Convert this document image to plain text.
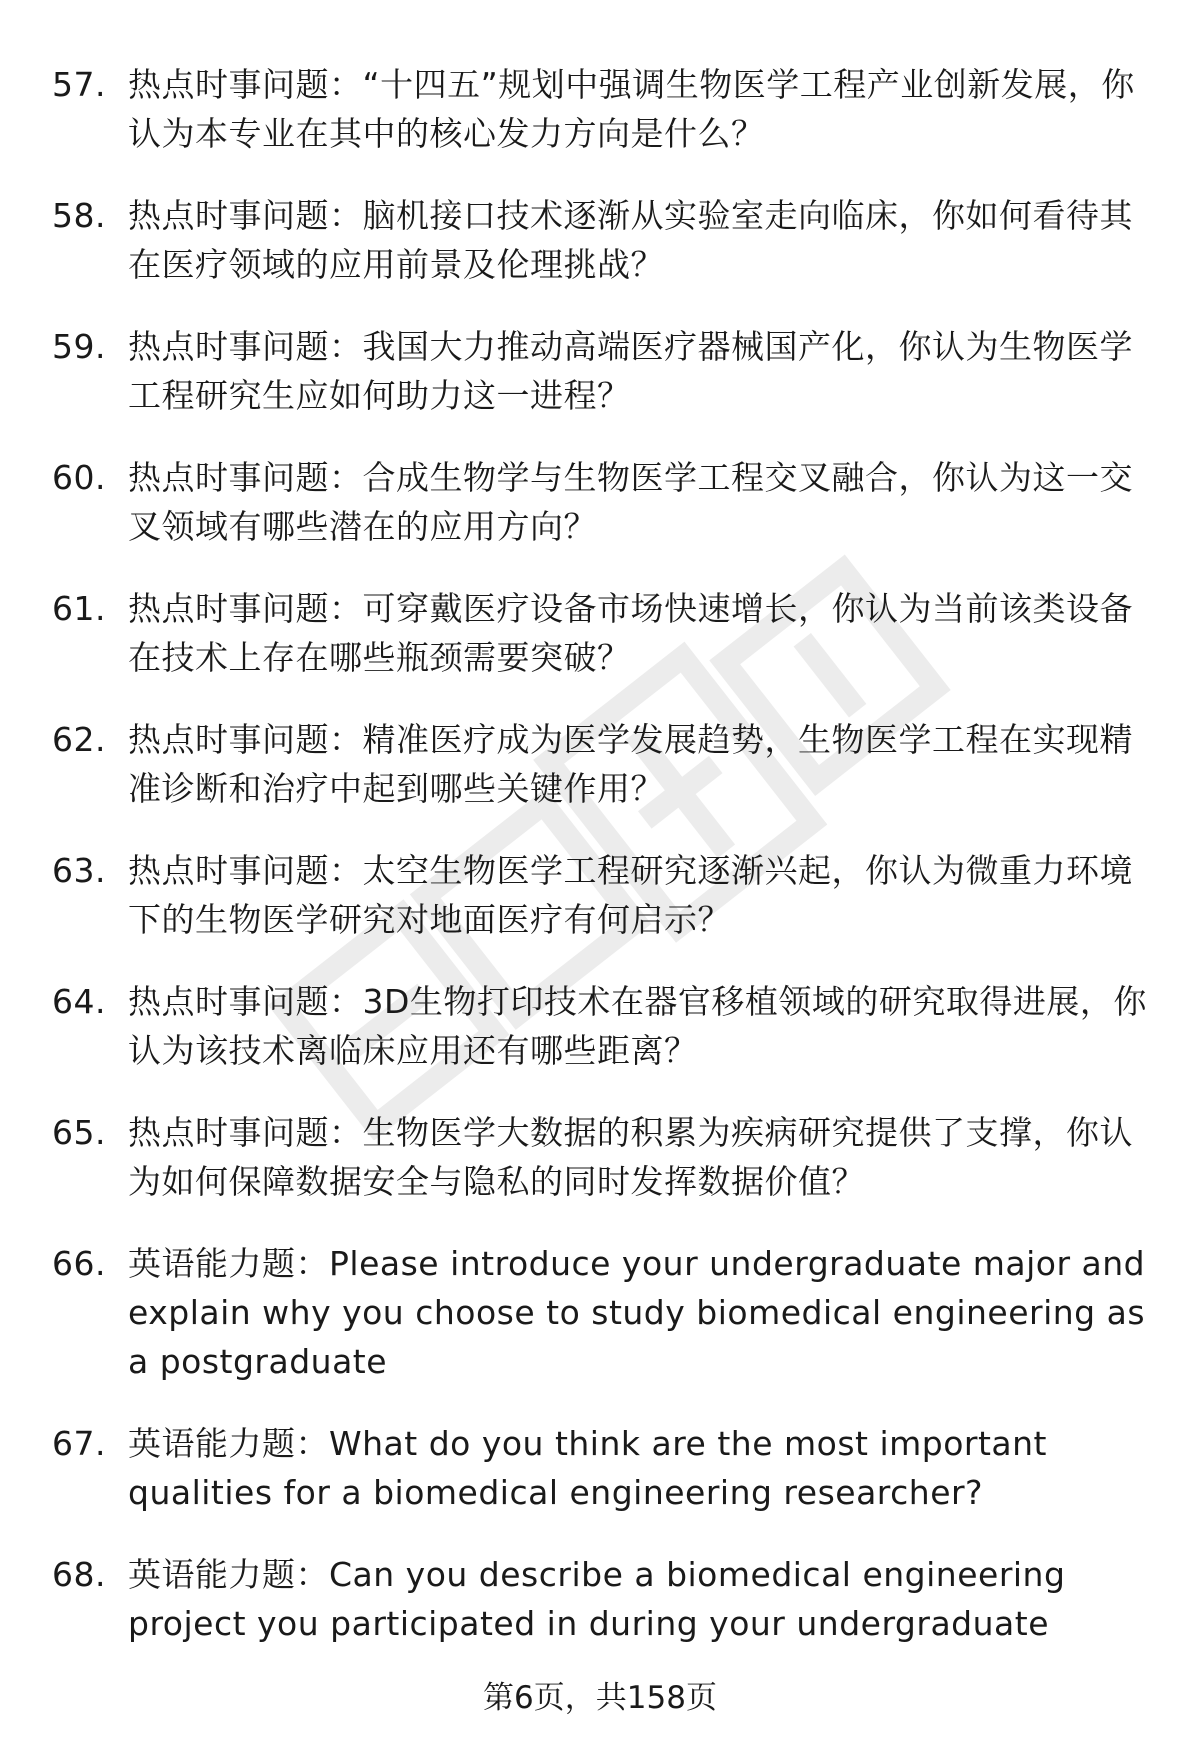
57. 热点时事问题：“十四五”规划中强调生物医学工程产业创新发展，你认为本专业在其中的核心发力方向是什么？
58. 热点时事问题：脑机接口技术逐渐从实验室走向临床，你如何看待其在医疗领域的应用前景及伦理挑战？
59. 热点时事问题：我国大力推动高端医疗器械国产化，你认为生物医学工程研究生应如何助力这一进程？
60. 热点时事问题：合成生物学与生物医学工程交叉融合，你认为这一交叉领域有哪些潜在的应用方向？
61. 热点时事问题：可穿戴医疗设备市场快速增长，你认为当前该类设备在技术上存在哪些瓶颈需要突破？
62. 热点时事问题：精准医疗成为医学发展趋势，生物医学工程在实现精准诊断和治疗中起到哪些关键作用？
63. 热点时事问题：太空生物医学工程研究逐渐兴起，你认为微重力环境下的生物医学研究对地面医疗有何启示？
64. 热点时事问题：3D生物打印技术在器官移植领域的研究取得进展，你认为该技术离临床应用还有哪些距离？
65. 热点时事问题：生物医学大数据的积累为疾病研究提供了支撑，你认为如何保障数据安全与隐私的同时发挥数据价值？
66. 英语能力题：Please introduce your undergraduate major and explain why you choose to study biomedical engineering as a postgraduate
67. 英语能力题：What do you think are the most important qualities for a biomedical engineering researcher?
68. 英语能力题：Can you describe a biomedical engineering project you participated in during your undergraduate
第6页，共158页
